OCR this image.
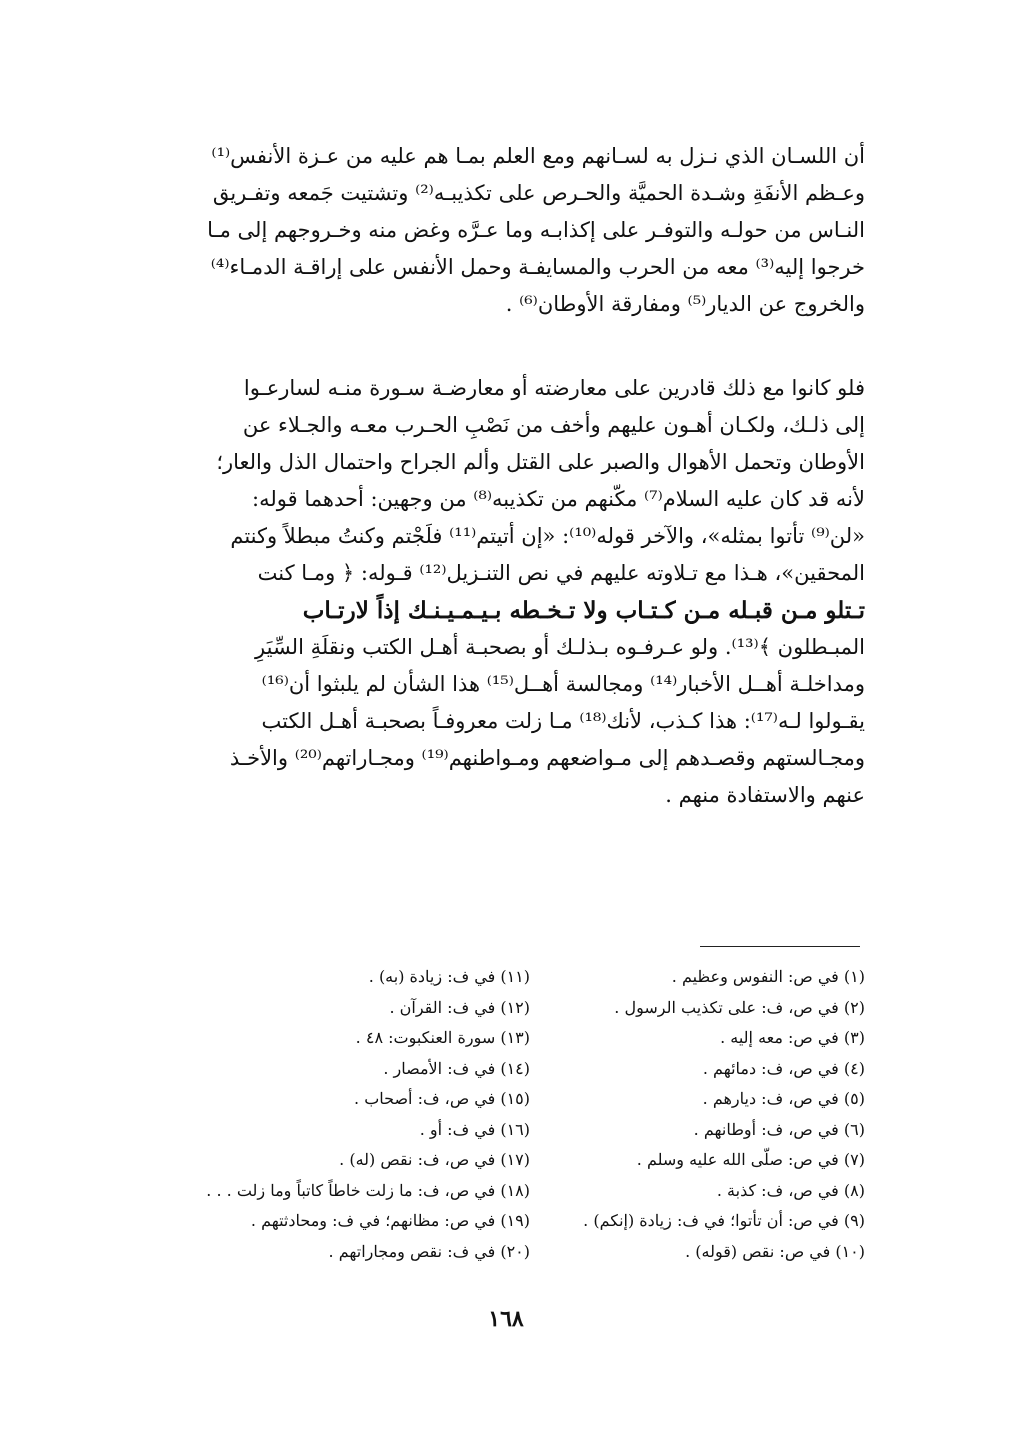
أن اللسـان الذي نـزل به لسـانهم ومع العلم بمـا هم عليه من عـزة الأنفس⁽¹⁾
وعـظم الأنفَةِ وشـدة الحميَّة والحـرص على تكذيبـه⁽²⁾ وتشتيت جَمعه وتفـريق
النـاس من حولـه والتوفـر على إكذابـه وما عـرَّه وغض منه وخـروجهم إلى مـا
خرجوا إليه⁽³⁾ معه من الحرب والمسايفـة وحمل الأنفس على إراقـة الدمـاء⁽⁴⁾
والخروج عن الديار⁽⁵⁾ ومفارقة الأوطان⁽⁶⁾ .
فلو كانوا مع ذلك قادرين على معارضته أو معارضـة سـورة منـه لسارعـوا
إلى ذلـك، ولكـان أهـون عليهم وأخف من نَصْبِ الحـرب معـه والجـلاء عن
الأوطان وتحمل الأهوال والصبر على القتل وألم الجراح واحتمال الذل والعار؛
لأنه قد كان عليه السلام⁽⁷⁾ مكّنهم من تكذيبه⁽⁸⁾ من وجهين: أحدهما قوله:
«لن⁽⁹⁾ تأتوا بمثله»، والآخر قوله⁽¹⁰⁾: «إن أتيتم⁽¹¹⁾ فلَجْتم وكنتُ مبطلاً وكنتم
المحقين»، هـذا مع تـلاوته عليهم في نص التنـزيل⁽¹²⁾ قـوله: ﴿ ومـا كنت
تـتلو مـن قبـله مـن كـتـاب ولا تـخـطه بـيـمـيـنـك إذاً لارتـاب
المبـطلون ﴾⁽¹³⁾. ولو عـرفـوه بـذلـك أو بصحبـة أهـل الكتب ونقلَةِ السِّيَرِ
ومداخلـة أهــل الأخبار⁽¹⁴⁾ ومجالسة أهــل⁽¹⁵⁾ هذا الشأن لم يلبثوا أن⁽¹⁶⁾
يقـولوا لـه⁽¹⁷⁾: هذا كـذب، لأنك⁽¹⁸⁾ مـا زلت معروفـاً بصحبـة أهـل الكتب
ومجـالستهم وقصـدهم إلى مـواضعهم ومـواطنهم⁽¹⁹⁾ ومجـاراتهم⁽²⁰⁾ والأخـذ
عنهم والاستفادة منهم .
(١) في ص: النفوس وعظيم .
(٢) في ص، ف: على تكذيب الرسول .
(٣) في ص: معه إليه .
(٤) في ص، ف: دمائهم .
(٥) في ص، ف: ديارهم .
(٦) في ص، ف: أوطانهم .
(٧) في ص: صلّى الله عليه وسلم .
(٨) في ص، ف: كذبة .
(٩) في ص: أن تأتوا؛ في ف: زيادة (إنكم) .
(١٠) في ص: نقص (قوله) .
(١١) في ف: زيادة (به) .
(١٢) في ف: القرآن .
(١٣) سورة العنكبوت: ٤٨ .
(١٤) في ف: الأمصار .
(١٥) في ص، ف: أصحاب .
(١٦) في ف: أو .
(١٧) في ص، ف: نقص (له) .
(١٨) في ص، ف: ما زلت خاطاً كاتباً وما زلت . . .
(١٩) في ص: مظانهم؛ في ف: ومحادثتهم .
(٢٠) في ف: نقص ومجاراتهم .
١٦٨
